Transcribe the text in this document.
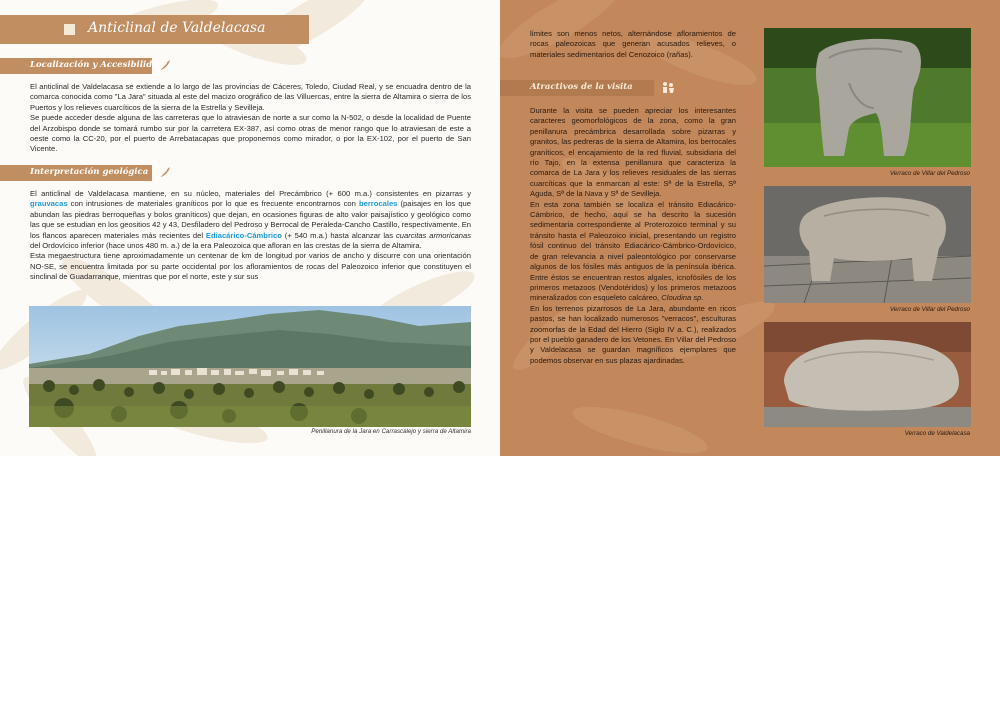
Anticlinal de Valdelacasa
Localización y Accesibilidad

El anticlinal de Valdelacasa se extiende a lo largo de las provincias de Cáceres, Toledo, Ciudad Real, y se encuadra dentro de la comarca conocida como "La Jara" situada al este del macizo orográfico de las Villuercas, entre la sierra de Altamira o sierra de los Puertos y los relieves cuarcíticos de la sierra de la Estrella y Sevilleja.

Se puede acceder desde alguna de las carreteras que lo atraviesan de norte a sur como la N-502, o desde la localidad de Puente del Arzobispo donde se tomará rumbo sur por la carretera EX-387, así como otras de menor rango que lo atraviesan de este a oeste como la CC-20, por el puerto de Arrebatacapas que proponemos como mirador, o por la EX-102, por el puerto de San Vicente.

Interpretación geológica

El anticlinal de Valdelacasa mantiene, en su núcleo, materiales del Precámbrico (+ 600 m.a.) consistentes en pizarras y grauvacas con intrusiones de materiales graníticos por lo que es frecuente encontrarnos con berrocales (paisajes en los que abundan las piedras berroqueñas y bolos graníticos) que dejan, en ocasiones figuras de alto valor paisajístico y geológico como las que se estudian en los geositios 42 y 43, Desfiladero del Pedroso y Berrocal de Peraleda-Cancho Castillo, respectivamente. En los flancos aparecen materiales más recientes del Ediacárico-Cámbrico (+ 540 m.a.) hasta alcanzar las cuarcitas armoricanas del Ordovícico inferior (hace unos 480 m. a.) de la era Paleozoica que afloran en las crestas de la sierra de Altamira.

Esta megaestructura tiene aproximadamente un centenar de km de longitud por varios de ancho y discurre con una orientación NO-SE, se encuentra limitada por su parte occidental por los afloramientos de rocas del Paleozoico inferior que constituyen el sinclinal de Guadarranque, mientras que por el norte, este y sur sus

Penillanura de la Jara en Carrascalejo y sierra de Altamira

límites son menos netos, alternándose afloramientos de rocas paleozoicas que generan acusados relieves, o materiales sedimentarios del Cenozoico (rañas).

Atractivos de la visita

Durante la visita se pueden apreciar los interesantes caracteres geomorfológicos de la zona, como la gran penillanura precámbrica desarrollada sobre pizarras y granitos, las pedreras de la sierra de Altamira, los berrocales graníticos, el encajamiento de la red fluvial, subsidiaria del río Tajo, en la extensa penillanura que caracteriza la comarca de La Jara y los relieves residuales de las sierras cuarcíticas que la enmarcan al este: Sª de la Estrella, Sª Aguda, Sª de la Nava y Sª de Sevilleja.

En esta zona también se localiza el tránsito Ediacárico-Cámbrico, de hecho, aquí se ha descrito la sucesión sedimentaria correspondiente al Proterozoico terminal y su tránsito hasta el Paleozoico inicial, presentando un registro fósil continuo del tránsito Ediacárico-Cámbrico-Ordovícico, de gran relevancia a nivel paleontológico por conservarse algunos de los fósiles más antiguos de la península ibérica. Entre éstos se encuentran restos algales, icnofósiles de los primeros metazoos (Vendotéridos) y los primeros metazoos mineralizados con esqueleto calcáreo, Cloudina sp.

En los terrenos pizarrosos de La Jara, abundante en ricos pastos, se han localizado numerosos "verracos", esculturas zoomorfas de la Edad del Hierro (Siglo IV a. C.), realizados por el pueblo ganadero de los Vetones. En Villar del Pedroso y Valdelacasa se guardan magníficos ejemplares que podemos observar en sus plazas ajardinadas.

Verraco de Villar del Pedroso
Verraco de Villar del Pedroso
Verraco de Valdelacasa
